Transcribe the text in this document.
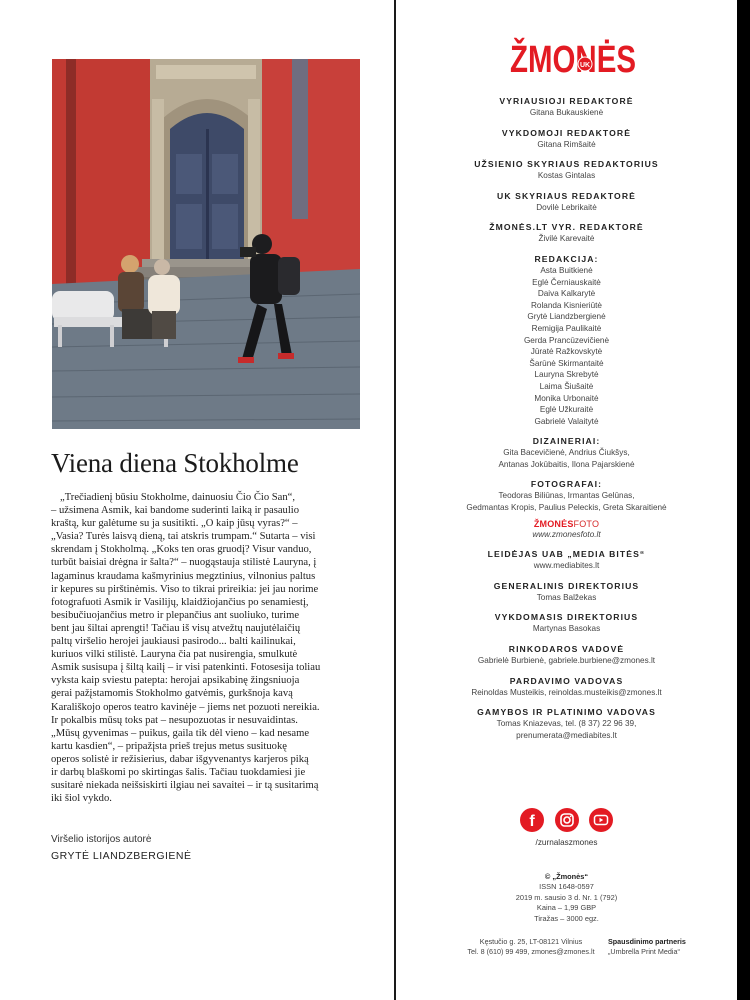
Viena diena Stokholme
„Trečiadienį būsiu Stokholme, dainuosiu Čio Čio San“,
– užsimena Asmik, kai bandome suderinti laiką ir pasaulio
kraštą, kur galėtume su ja susitikti. „O kaip jūsų vyras?“ –
„Vasia? Turės laisvą dieną, tai atskris trumpam.“ Sutarta – visi
skrendam į Stokholmą. „Koks ten oras gruodį? Visur vanduo,
turbūt baisiai drėgna ir šalta?“ – nuogąstauja stilistė Lauryna, į
lagaminus kraudama kašmyrinius megztinius, vilnonius paltus
ir kepures su pirštinėmis. Viso to tikrai prireikia: jei jau norime
fotografuoti Asmik ir Vasilijų, klaidžiojančius po senamiestį,
besibučiuojančius metro ir plepančius ant suoliuko, turime
bent jau šiltai aprengti! Tačiau iš visų atvežtų naujutėlaičių
paltų viršelio herojei jaukiausi pasirodo... balti kailinukai,
kuriuos vilki stilistė. Lauryna čia pat nusirengia, smulkutė
Asmik susisupa į šiltą kailį – ir visi patenkinti. Fotosesija toliau
vyksta kaip sviestu patepta: herojai apsikabinę žingsniuoja
gerai pažįstamomis Stokholmo gatvėmis, gurkšnoja kavą
Karališkojo operos teatro kavinėje – jiems net pozuoti nereikia.
Ir pokalbis mūsų toks pat – nesupozuotas ir nesuvaidintas.
„Mūsų gyvenimas – puikus, gaila tik dėl vieno – kad nesame
kartu kasdien“, – pripažįsta prieš trejus metus susituokę
operos solistė ir režisierius, dabar išgyvenantys karjeros piką
ir darbų blaškomi po skirtingas šalis. Tačiau tuokdamiesi jie
susitarė niekada neišsiskirti ilgiau nei savaitei – ir tą susitarimą
iki šiol vykdo.
Viršelio istorijos autorė
GRYTĖ LIANDZBERGIENĖ
ŽMON
UK
VYRIAUSIOJI REDAKTORĖ
Gitana Bukauskienė
VYKDOMOJI REDAKTORĖ
Gitana Rimšaitė
UŽSIENIO SKYRIAUS REDAKTORIUS
Kostas Gintalas
UK SKYRIAUS REDAKTORĖ
Dovilė Lebrikaitė
ŽMONĖS.LT VYR. REDAKTORĖ
Živilė Karevaitė
REDAKCIJA:
Asta Buitkienė
Eglė Černiauskaitė
Daiva Kalkarytė
Rolanda Kisnieriūtė
Grytė Liandzbergienė
Remigija Paulikaitė
Gerda Prancūzevičienė
Jūratė Ražkovskytė
Šarūnė Skirmantaitė
Lauryna Skrebytė
Laima Šiušaitė
Monika Urbonaitė
Eglė Užkuraitė
Gabrielė Valaitytė
DIZAINERIAI:
Gita Bacevičienė, Andrius Čiukšys,
Antanas Jokūbaitis, Ilona Pajarskienė
FOTOGRAFAI:
Teodoras Biliūnas, Irmantas Gelūnas,
Gedmantas Kropis, Paulius Peleckis, Greta Skaraitienė
ŽMONĖSFOTO
www.zmonesfoto.lt
LEIDĖJAS UAB „MEDIA BITĖS“
www.mediabites.lt
GENERALINIS DIREKTORIUS
Tomas Balžekas
VYKDOMASIS DIREKTORIUS
Martynas Basokas
RINKODAROS VADOVĖ
Gabrielė Burbienė, gabriele.burbiene@zmones.lt
PARDAVIMO VADOVAS
Reinoldas Musteikis, reinoldas.musteikis@zmones.lt
GAMYBOS IR PLATINIMO VADOVAS
Tomas Kniazevas, tel. (8 37) 22 96 39,
prenumerata@mediabites.lt
f

/zurnalaszmones
© „Žmonės“
ISSN 1648-0597
2019 m. sausio 3 d. Nr. 1 (792)
Kaina – 1,99 GBP
Tiražas – 3000 egz.
Kęstučio g. 25, LT-08121 Vilnius
Tel. 8 (610) 99 499, zmones@zmones.lt
Spausdinimo partneris
„Umbrella Print Media“
